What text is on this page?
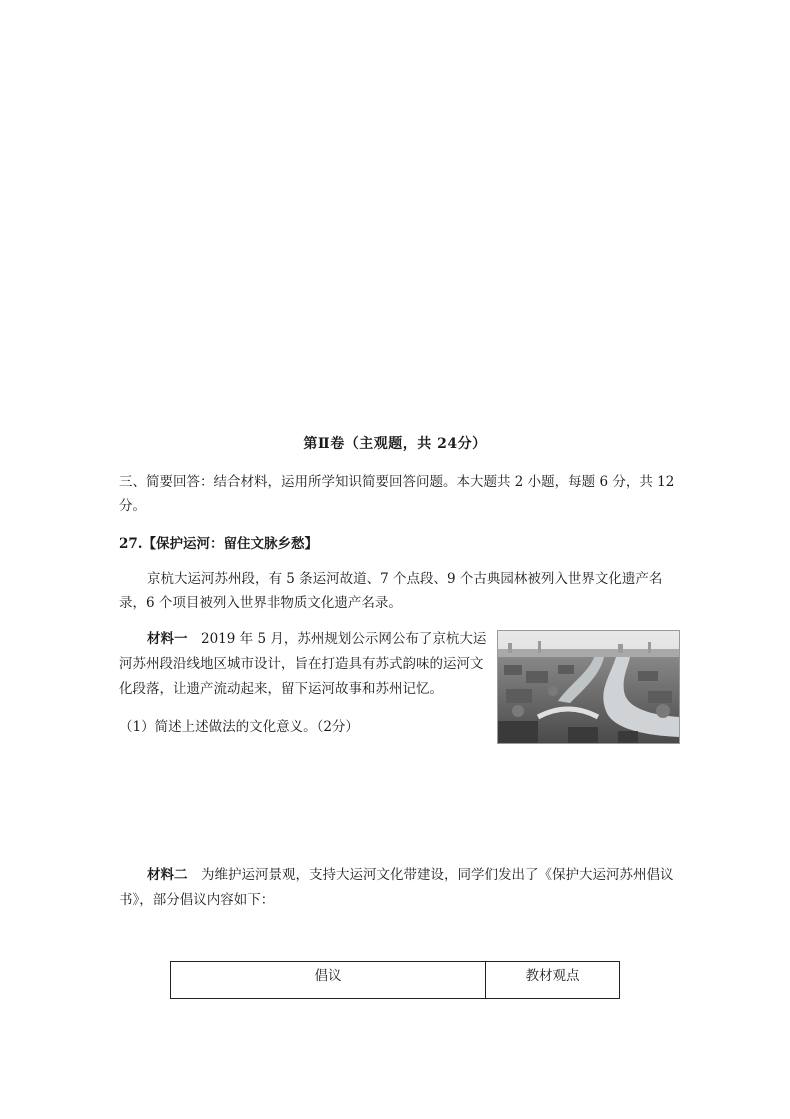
第Ⅱ卷（主观题，共 24分）
三、简要回答：结合材料，运用所学知识简要回答问题。本大题共 2 小题，每题 6 分，共 12分。
27.【保护运河：留住文脉乡愁】
京杭大运河苏州段，有 5 条运河故道、7 个点段、9 个古典园林被列入世界文化遗产名录，6 个项目被列入世界非物质文化遗产名录。
材料一　2019 年 5 月，苏州规划公示网公布了京杭大运河苏州段沿线地区城市设计，旨在打造具有苏式韵味的运河文化段落，让遗产流动起来，留下运河故事和苏州记忆。
（1）简述上述做法的文化意义。（2分）
材料二　为维护运河景观，支持大运河文化带建设，同学们发出了《保护大运河苏州倡议书》，部分倡议内容如下：
倡议	教材观点
